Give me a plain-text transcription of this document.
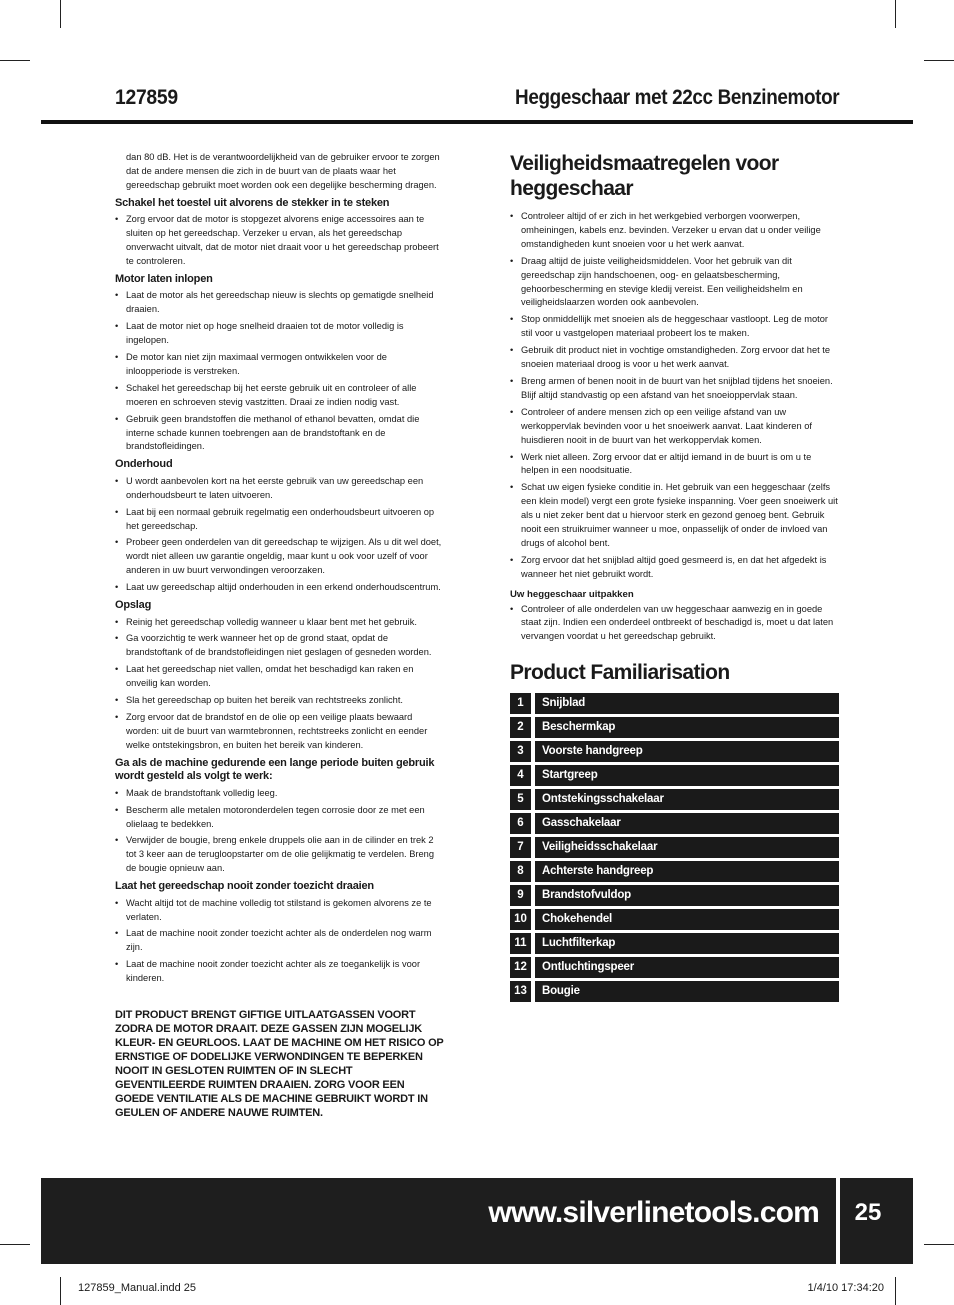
127859	Heggeschaar met 22cc Benzinemotor

dan 80 dB. Het is de verantwoordelijkheid van de gebruiker ervoor te zorgen dat de andere mensen die zich in de buurt van de plaats waar het gereedschap gebruikt moet worden ook een degelijke bescherming dragen.

Schakel het toestel uit alvorens de stekker in te steken
• Zorg ervoor dat de motor is stopgezet alvorens enige accessoires aan te sluiten op het gereedschap. Verzeker u ervan, als het gereedschap onverwacht uitvalt, dat de motor niet draait voor u het gereedschap probeert te controleren.
Motor laten inlopen
• Laat de motor als het gereedschap nieuw is slechts op gematigde snelheid draaien.
• Laat de motor niet op hoge snelheid draaien tot de motor volledig is ingelopen.
• De motor kan niet zijn maximaal vermogen ontwikkelen voor de inloopperiode is verstreken.
• Schakel het gereedschap bij het eerste gebruik uit en controleer of alle moeren en schroeven stevig vastzitten. Draai ze indien nodig vast.
• Gebruik geen brandstoffen die methanol of ethanol bevatten, omdat die interne schade kunnen toebrengen aan de brandstoftank en de brandstofleidingen.
Onderhoud
• U wordt aanbevolen kort na het eerste gebruik van uw gereedschap een onderhoudsbeurt te laten uitvoeren.
• Laat bij een normaal gebruik regelmatig een onderhoudsbeurt uitvoeren op het gereedschap.
• Probeer geen onderdelen van dit gereedschap te wijzigen. Als u dit wel doet, wordt niet alleen uw garantie ongeldig, maar kunt u ook voor uzelf of voor anderen in uw buurt verwondingen veroorzaken.
• Laat uw gereedschap altijd onderhouden in een erkend onderhoudscentrum.
Opslag
• Reinig het gereedschap volledig wanneer u klaar bent met het gebruik.
• Ga voorzichtig te werk wanneer het op de grond staat, opdat de brandstoftank of de brandstofleidingen niet geslagen of gesneden worden.
• Laat het gereedschap niet vallen, omdat het beschadigd kan raken en onveilig kan worden.
• Sla het gereedschap op buiten het bereik van rechtstreeks zonlicht.
• Zorg ervoor dat de brandstof en de olie op een veilige plaats bewaard worden: uit de buurt van warmtebronnen, rechtstreeks zonlicht en eender welke ontstekingsbron, en buiten het bereik van kinderen.
Ga als de machine gedurende een lange periode buiten gebruik wordt gesteld als volgt te werk:
• Maak de brandstoftank volledig leeg.
• Bescherm alle metalen motoronderdelen tegen corrosie door ze met een olielaag te bedekken.
• Verwijder de bougie, breng enkele druppels olie aan in de cilinder en trek 2 tot 3 keer aan de terugloopstarter om de olie gelijkmatig te verdelen. Breng de bougie opnieuw aan.
Laat het gereedschap nooit zonder toezicht draaien
• Wacht altijd tot de machine volledig tot stilstand is gekomen alvorens ze te verlaten.
• Laat de machine nooit zonder toezicht achter als de onderdelen nog warm zijn.
• Laat de machine nooit zonder toezicht achter als ze toegankelijk is voor kinderen.

DIT PRODUCT BRENGT GIFTIGE UITLAATGASSEN VOORT ZODRA DE MOTOR DRAAIT. DEZE GASSEN ZIJN MOGELIJK KLEUR- EN GEURLOOS. LAAT DE MACHINE OM HET RISICO OP ERNSTIGE OF DODELIJKE VERWONDINGEN TE BEPERKEN NOOIT IN GESLOTEN RUIMTEN OF IN SLECHT GEVENTILEERDE RUIMTEN DRAAIEN. ZORG VOOR EEN GOEDE VENTILATIE ALS DE MACHINE GEBRUIKT WORDT IN GEULEN OF ANDERE NAUWE RUIMTEN.

Veiligheidsmaatregelen voor heggeschaar
• Controleer altijd of er zich in het werkgebied verborgen voorwerpen, omheiningen, kabels enz. bevinden. Verzeker u ervan dat u onder veilige omstandigheden kunt snoeien voor u het werk aanvat.
• Draag altijd de juiste veiligheidsmiddelen. Voor het gebruik van dit gereedschap zijn handschoenen, oog- en gelaatsbescherming, gehoorbescherming en stevige kledij vereist. Een veiligheidshelm en veiligheidslaarzen worden ook aanbevolen.
• Stop onmiddellijk met snoeien als de heggeschaar vastloopt. Leg de motor stil voor u vastgelopen materiaal probeert los te maken.
• Gebruik dit product niet in vochtige omstandigheden. Zorg ervoor dat het te snoeien materiaal droog is voor u het werk aanvat.
• Breng armen of benen nooit in de buurt van het snijblad tijdens het snoeien. Blijf altijd standvastig op een afstand van het snoeioppervlak staan.
• Controleer of andere mensen zich op een veilige afstand van uw werkoppervlak bevinden voor u het snoeiwerk aanvat. Laat kinderen of huisdieren nooit in de buurt van het werkoppervlak komen.
• Werk niet alleen. Zorg ervoor dat er altijd iemand in de buurt is om u te helpen in een noodsituatie.
• Schat uw eigen fysieke conditie in. Het gebruik van een heggeschaar (zelfs een klein model) vergt een grote fysieke inspanning. Voer geen snoeiwerk uit als u niet zeker bent dat u hiervoor sterk en gezond genoeg bent. Gebruik nooit een struikruimer wanneer u moe, onpasselijk of onder de invloed van drugs of alcohol bent.
• Zorg ervoor dat het snijblad altijd goed gesmeerd is, en dat het afgedekt is wanneer het niet gebruikt wordt.
Uw heggeschaar uitpakken
• Controleer of alle onderdelen van uw heggeschaar aanwezig en in goede staat zijn. Indien een onderdeel ontbreekt of beschadigd is, moet u dat laten vervangen voordat u het gereedschap gebruikt.
Product Familiarisation
1	Snijblad
2	Beschermkap
3	Voorste handgreep
4	Startgreep
5	Ontstekingsschakelaar
6	Gasschakelaar
7	Veiligheidsschakelaar
8	Achterste handgreep
9	Brandstofvuldop
10	Chokehendel
11	Luchtfilterkap
12	Ontluchtingspeer
13	Bougie
www.silverlinetools.com	25
127859_Manual.indd 25	1/4/10 17:34:20
